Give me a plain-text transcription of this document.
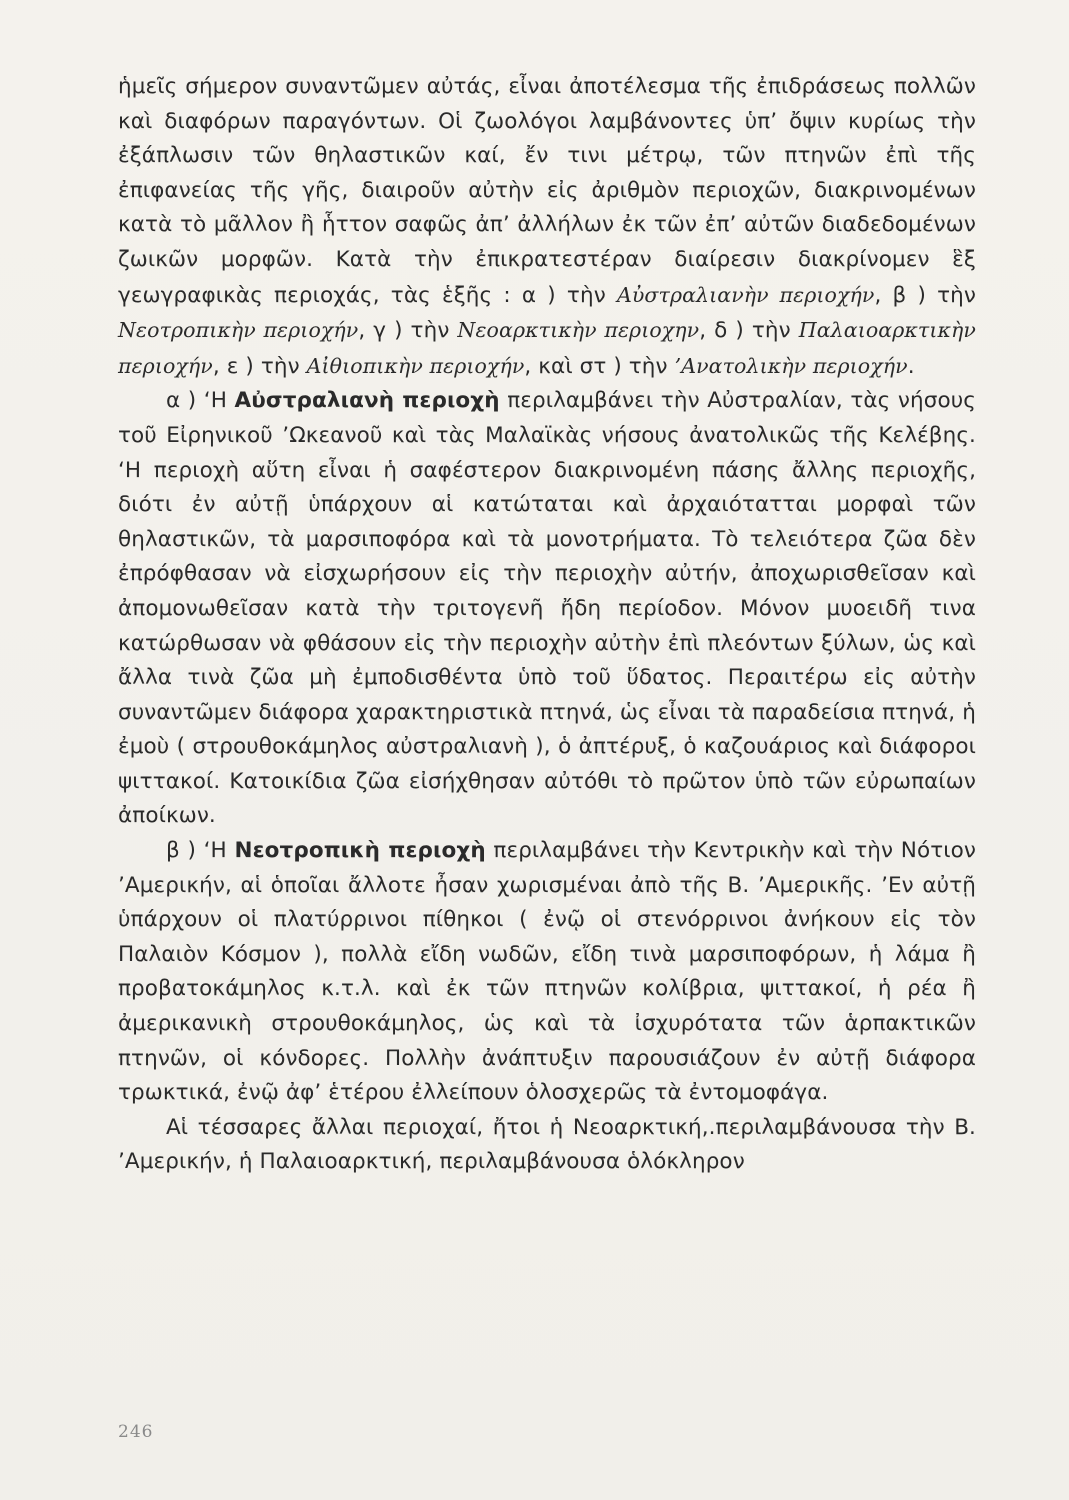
ἡμεῖς σήμερον συναντῶμεν αὐτάς, εἶναι ἀποτέλεσμα τῆς ἐπιδράσεως πολλῶν καὶ διαφόρων παραγόντων. Οἱ ζωολόγοι λαμβάνοντες ὑπ’ ὄψιν κυρίως τὴν ἐξάπλωσιν τῶν θηλαστικῶν καί, ἔν τινι μέτρῳ, τῶν πτηνῶν ἐπὶ τῆς ἐπιφανείας τῆς γῆς, διαιροῦν αὐτὴν εἰς ἀριθμὸν περιοχῶν, διακρινομένων κατὰ τὸ μᾶλλον ἢ ἧττον σαφῶς ἀπ’ ἀλλήλων ἐκ τῶν ἐπ’ αὐτῶν διαδεδομένων ζωικῶν μορφῶν. Κατὰ τὴν ἐπικρατεστέραν διαίρεσιν διακρίνομεν ἓξ γεωγραφικὰς περιοχάς, τὰς ἑξῆς : α ) τὴν Αὐστραλιανὴν περιοχήν, β ) τὴν Νεοτροπικὴν περιοχήν, γ ) τὴν Νεοαρκτικὴν περιοχην, δ ) τὴν Παλαιοαρκτικὴν περιοχήν, ε ) τὴν Αἰθιοπικὴν περιοχήν, καὶ στ ) τὴν ’Ανατολικὴν περιοχήν.

α ) ‘Η Αὐστραλιανὴ περιοχὴ περιλαμβάνει τὴν Αὐστραλίαν, τὰς νήσους τοῦ Εἰρηνικοῦ ’Ωκεανοῦ καὶ τὰς Μαλαϊκὰς νήσους ἀνατολικῶς τῆς Κελέβης. ‘Η περιοχὴ αὕτη εἶναι ἡ σαφέστερον διακρινομένη πάσης ἄλλης περιοχῆς, διότι ἐν αὐτῇ ὑπάρχουν αἱ κατώταται καὶ ἀρχαιότατται μορφαὶ τῶν θηλαστικῶν, τὰ μαρσιποφόρα καὶ τὰ μονοτρήματα. Τὸ τελειότερα ζῶα δὲν ἐπρόφθασαν νὰ εἰσχωρήσουν εἰς τὴν περιοχὴν αὐτήν, ἀποχωρισθεῖσαν καὶ ἀπομονωθεῖσαν κατὰ τὴν τριτογενῆ ἤδη περίοδον. Μόνον μυοειδῆ τινα κατώρθωσαν νὰ φθάσουν εἰς τὴν περιοχὴν αὐτὴν ἐπὶ πλεόντων ξύλων, ὡς καὶ ἄλλα τινὰ ζῶα μὴ ἐμποδισθέντα ὑπὸ τοῦ ὕδατος. Περαιτέρω εἰς αὐτὴν συναντῶμεν διάφορα χαρακτηριστικὰ πτηνά, ὡς εἶναι τὰ παραδείσια πτηνά, ἡ ἐμοὺ ( στρουθοκάμηλος αὐστραλιανὴ ), ὁ ἀπτέρυξ, ὁ καζουάριος καὶ διάφοροι ψιττακοί. Κατοικίδια ζῶα εἰσήχθησαν αὐτόθι τὸ πρῶτον ὑπὸ τῶν εὐρωπαίων ἀποίκων.

β ) ‘Η Νεοτροπικὴ περιοχὴ περιλαμβάνει τὴν Κεντρικὴν καὶ τὴν Νότιον ’Αμερικήν, αἱ ὁποῖαι ἄλλοτε ἦσαν χωρισμέναι ἀπὸ τῆς Β. ’Αμερικῆς. ’Εν αὐτῇ ὑπάρχουν οἱ πλατύρρινοι πίθηκοι ( ἐνῷ οἱ στενόρρινοι ἀνήκουν εἰς τὸν Παλαιὸν Κόσμον ), πολλὰ εἴδη νωδῶν, εἴδη τινὰ μαρσιποφόρων, ἡ λάμα ἢ προβατοκάμηλος κ.τ.λ. καὶ ἐκ τῶν πτηνῶν κολίβρια, ψιττακοί, ἡ ρέα ἢ ἀμερικανικὴ στρουθοκάμηλος, ὡς καὶ τὰ ἰσχυρότατα τῶν ἁρπακτικῶν πτηνῶν, οἱ κόνδορες. Πολλὴν ἀνάπτυξιν παρουσιάζουν ἐν αὐτῇ διάφορα τρωκτικά, ἐνῷ ἀφ’ ἑτέρου ἐλλείπουν ὁλοσχερῶς τὰ ἐντομοφάγα.

Αἱ τέσσαρες ἄλλαι περιοχαί, ἤτοι ἡ Νεοαρκτική,.περιλαμβάνουσα τὴν Β. ’Αμερικήν, ἡ Παλαιοαρκτική, περιλαμβάνουσα ὁλόκληρον

246
